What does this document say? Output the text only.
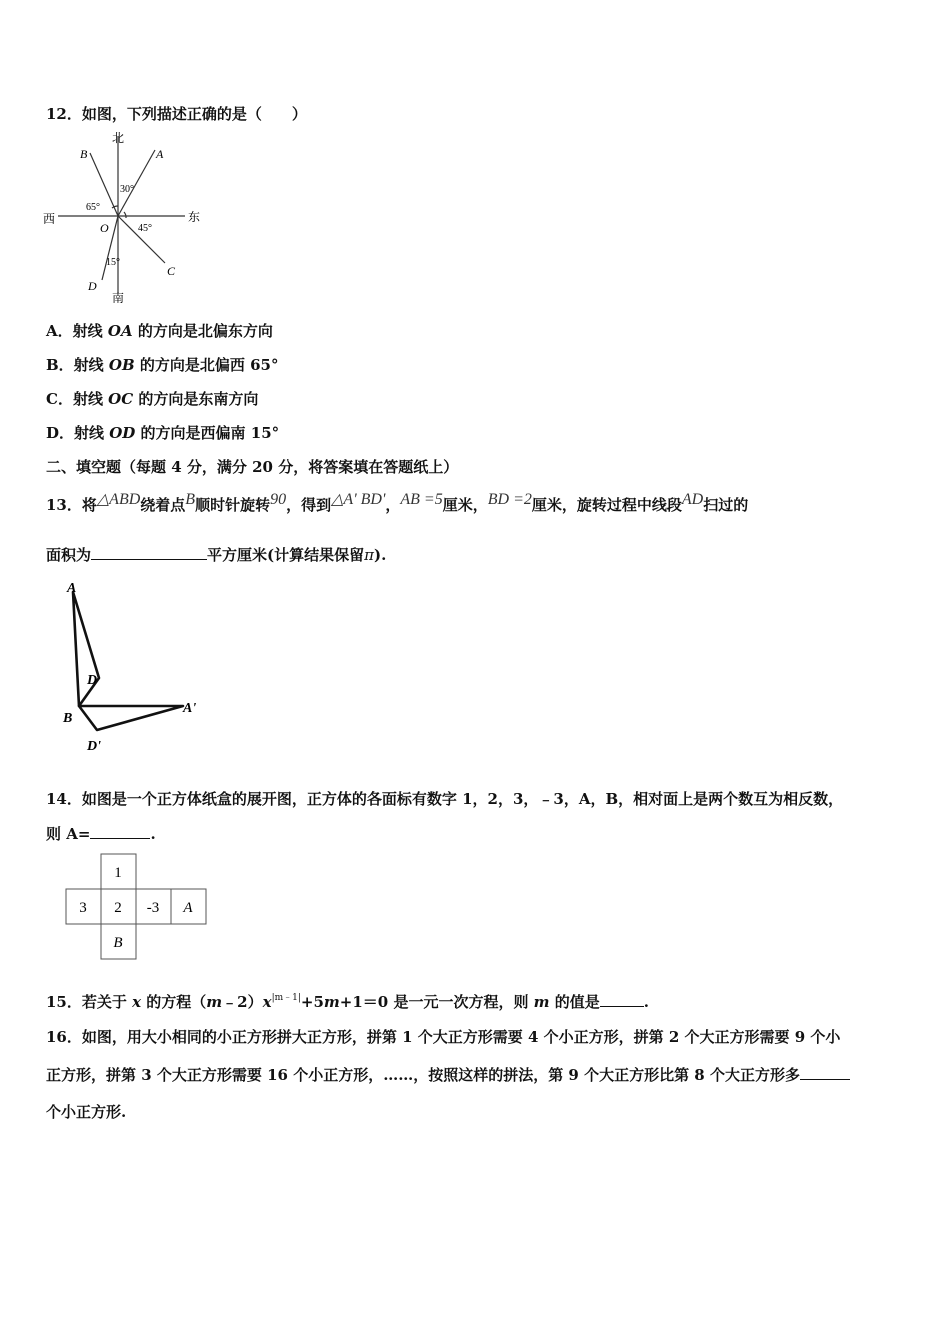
12．如图，下列描述正确的是（　　）
北
南
东
西
O
A
B
C
D
65°
30°
45°
15°
A．射线 OA 的方向是北偏东方向
B．射线 OB 的方向是北偏西 65°
C．射线 OC 的方向是东南方向
D．射线 OD 的方向是西偏南 15°
二、填空题（每题 4 分，满分 20 分，将答案填在答题纸上）
13．将△ABD绕着点B顺时针旋转90，得到△A' BD'，AB =5厘米，BD =2厘米，旋转过程中线段AD扫过的
面积为	平方厘米(计算结果保留π).
A
D
B
A'
D'
14．如图是一个正方体纸盒的展开图，正方体的各面标有数字 1，2，3，﹣3，A，B，相对面上是两个数互为相反数，
则 A=	.
1
3 2 -3 A
B
15．若关于 x 的方程$(m﹣2)x^{|m﹣1|}+5m+1=0$ 是一元一次方程，则 m 的值是	.
16．如图，用大小相同的小正方形拼大正方形，拼第 1 个大正方形需要 4 个小正方形，拼第 2 个大正方形需要 9 个小
正方形，拼第 3 个大正方形需要 16 个小正方形，……，按照这样的拼法，第 9 个大正方形比第 8 个大正方形多
个小正方形.
